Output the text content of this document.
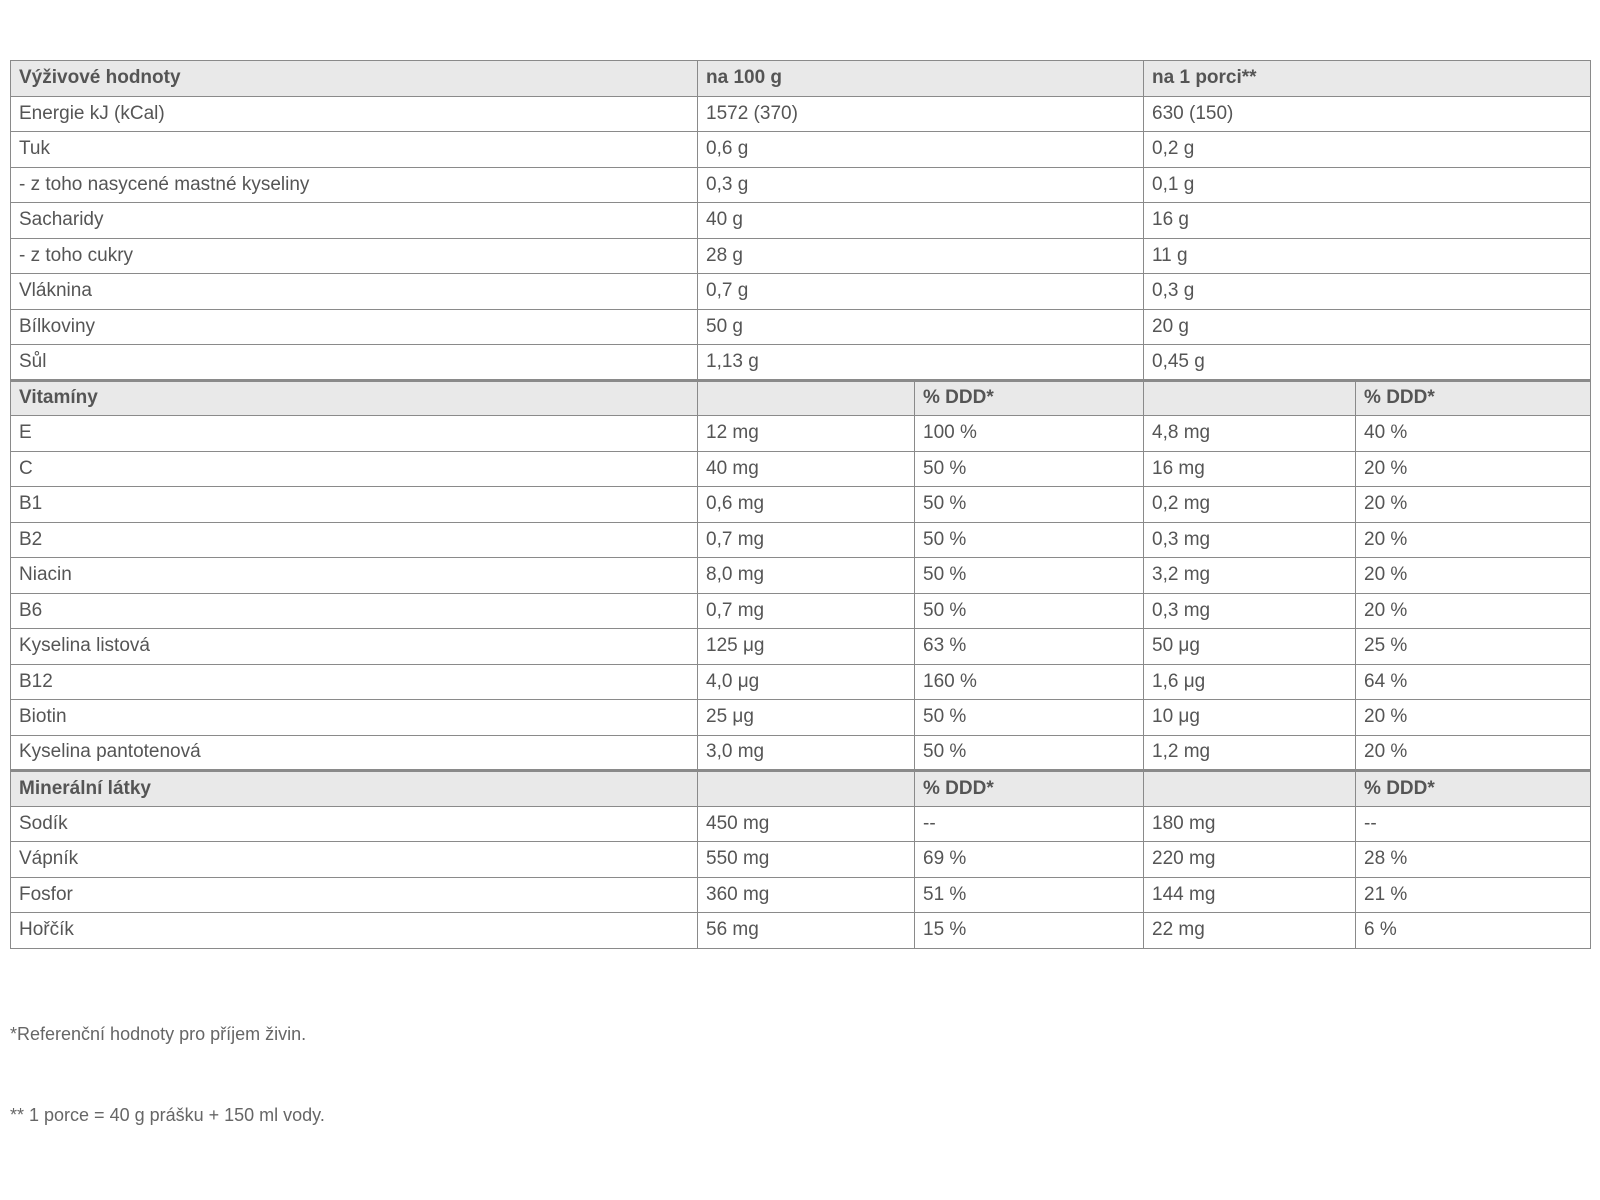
Výživové hodnoty	na 100 g		na 1 porci**	
Energie kJ (kCal)	1572 (370)		630 (150)	
Tuk	0,6 g		0,2 g	
- z toho nasycené mastné kyseliny	0,3 g		0,1 g	
Sacharidy	40 g		16 g	
- z toho cukry	28 g		11 g	
Vláknina	0,7 g		0,3 g	
Bílkoviny	50 g		20 g	
Sůl	1,13 g		0,45 g	
Vitamíny		% DDD*		% DDD*
E	12 mg	100 %	4,8 mg	40 %
C	40 mg	50 %	16 mg	20 %
B1	0,6 mg	50 %	0,2 mg	20 %
B2	0,7 mg	50 %	0,3 mg	20 %
Niacin	8,0 mg	50 %	3,2 mg	20 %
B6	0,7 mg	50 %	0,3 mg	20 %
Kyselina listová	125 μg	63 %	50 μg	25 %
B12	4,0 μg	160 %	1,6 μg	64 %
Biotin	25 μg	50 %	10 μg	20 %
Kyselina pantotenová	3,0 mg	50 %	1,2 mg	20 %
Minerální látky		% DDD*		% DDD*
Sodík	450 mg	--	180 mg	--
Vápník	550 mg	69 %	220 mg	28 %
Fosfor	360 mg	51 %	144 mg	21 %
Hořčík	56 mg	15 %	22 mg	6 %
*Referenční hodnoty pro příjem živin.
** 1 porce = 40 g prášku + 150 ml vody.
